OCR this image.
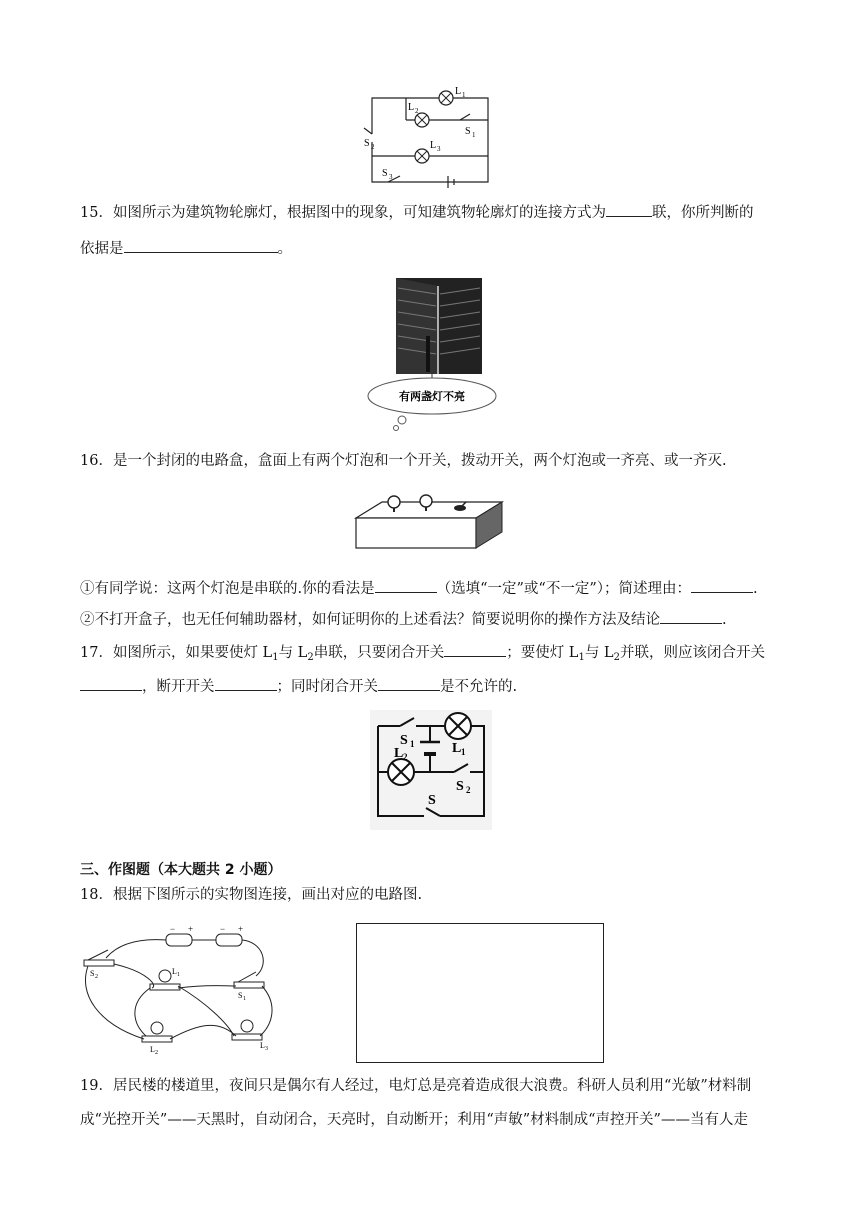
L 1
L 2
L 3
S 1
S 2
S 3
15．如图所示为建筑物轮廓灯，根据图中的现象，可知建筑物轮廓灯的连接方式为	联，你所判断的
依据是	。
有两盏灯不亮
16．是一个封闭的电路盒，盒面上有两个灯泡和一个开关，拨动开关，两个灯泡或一齐亮、或一齐灭.
①有同学说：这两个灯泡是串联的.你的看法是	（选填“一定”或“不一定”）；简述理由：	.
②不打开盒子，也无任何辅助器材，如何证明你的上述看法？简要说明你的操作方法及结论	.
17．如图所示，如果要使灯 $L_1$与 $L_2$串联，只要闭合开关	；要使灯 $L_1$与 $L_2$并联，则应该闭合开关
，断开开关	；同时闭合开关	是不允许的.
S 1	L 1
L 2
S 2
S
三、作图题（本大题共 2 小题）
18．根据下图所示的实物图连接，画出对应的电路图.
− +	− +
S 2
L 1
S 1
L 2
L 3
19．居民楼的楼道里，夜间只是偶尔有人经过，电灯总是亮着造成很大浪费。科研人员利用“光敏”材料制
成“光控开关”——天黑时，自动闭合，天亮时，自动断开；利用“声敏”材料制成“声控开关”——当有人走
